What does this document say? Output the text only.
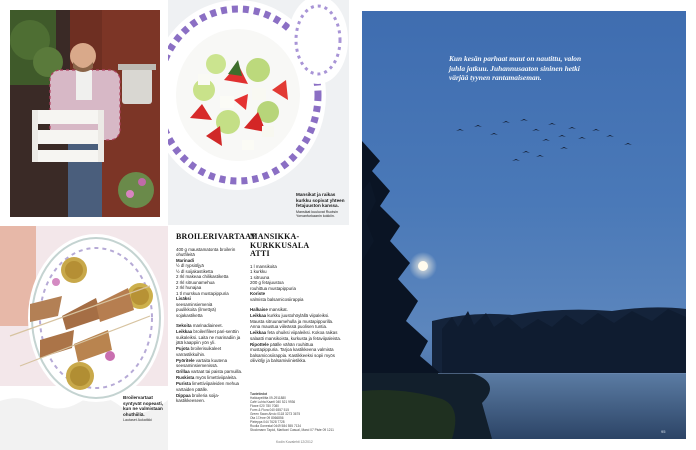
Mansikat ja raikas kurkku sopivat yhteen fetajuuston kanssa.
Mansikat kuuluvat Ruotsin Yorvanfurkaanin kokkiin.
Broilervartaat syntyvät nopeasti, kun ne valmistaan ohuthiiliä.
Lautaset Aukatikki
BROILERIVARTAAT
400 g maustamatonta broilerin
ohutfileitä
Marinadi
½ dl rypsiöljyä
½ dl soijakastiketta
2 rkl makeaa chilikastiketta
2 rkl sitruunamehua
2 rkl hunajaa
1 tl murskua mustapippuria
Lisäksi
seesaminsiemeniä
puulikkoita (ilmettyä)
sojakastiketta
Sekoita marinadiaineet.
Leikkaa broilerifileet pari-senttin suikaleiksi. Laita ne marinadiin ja jätä kaappiin yön yli.
Pujota broilerisuikaleet varrastikkuihin.
Pyöritele vartaita kuutena seesaminsiemenissä.
Grillaa vartaat tai paista parnuilla.
Ruskista myös limettiviipaleita.
Purista limettiviipaleiden mehua vartaiden päälle.
Dippaa broileria soija-kastikkeeseen.
MANSIKKA-KURKKUSALAATTI
1 l mansikoita
1 kurkku
1 sitruuna
200 g fetajuustoa
rouhittua mustapippuria
Koriste
valmista balsamicosiirappia
Halkaise mansikat.
Leikkaa kurkku juustohöylällä viipaleiksi. Mausta sitruunamehulla ja mustapippurilla. Anna maustua viileässä puolisen tuntia.
Leikkaa feta ohuiksi viipaleiksi. Kokoa raikas salaatti mansikoista, kurkusta ja fetaviipaleista.
Ripottele päälle vähän rouhittua mustapippuria. Tarjoa kastikkeena valmista balsamicosiirappia. Kastikkeeksi sopii myös oliiviöljy ja balsamiviinietikka.
Tuotetiedot
Hakkapeliitta 09-2911880
Café Luhta Kaarti 040 521 9936
Flowe 020 780 7080
Form & Flora 040 6557 515
Green Swan Ahvio 0118 3273 3675
Ota 17/nne 09 8066856
Pieleppa 044 7628 7728
Ruolla Gonestal 0449 584 555 7134
Stockmann Tapiol, Marikoni Casual, Marci 07 Piste 09 1211
Kodin Kuvalehti 12/2012
Kun kesän parhaat maut on nautittu, valon juhla jatkuu. Juhannusaaton sininen hetki värjää tyynen rantamaiseman.
95
